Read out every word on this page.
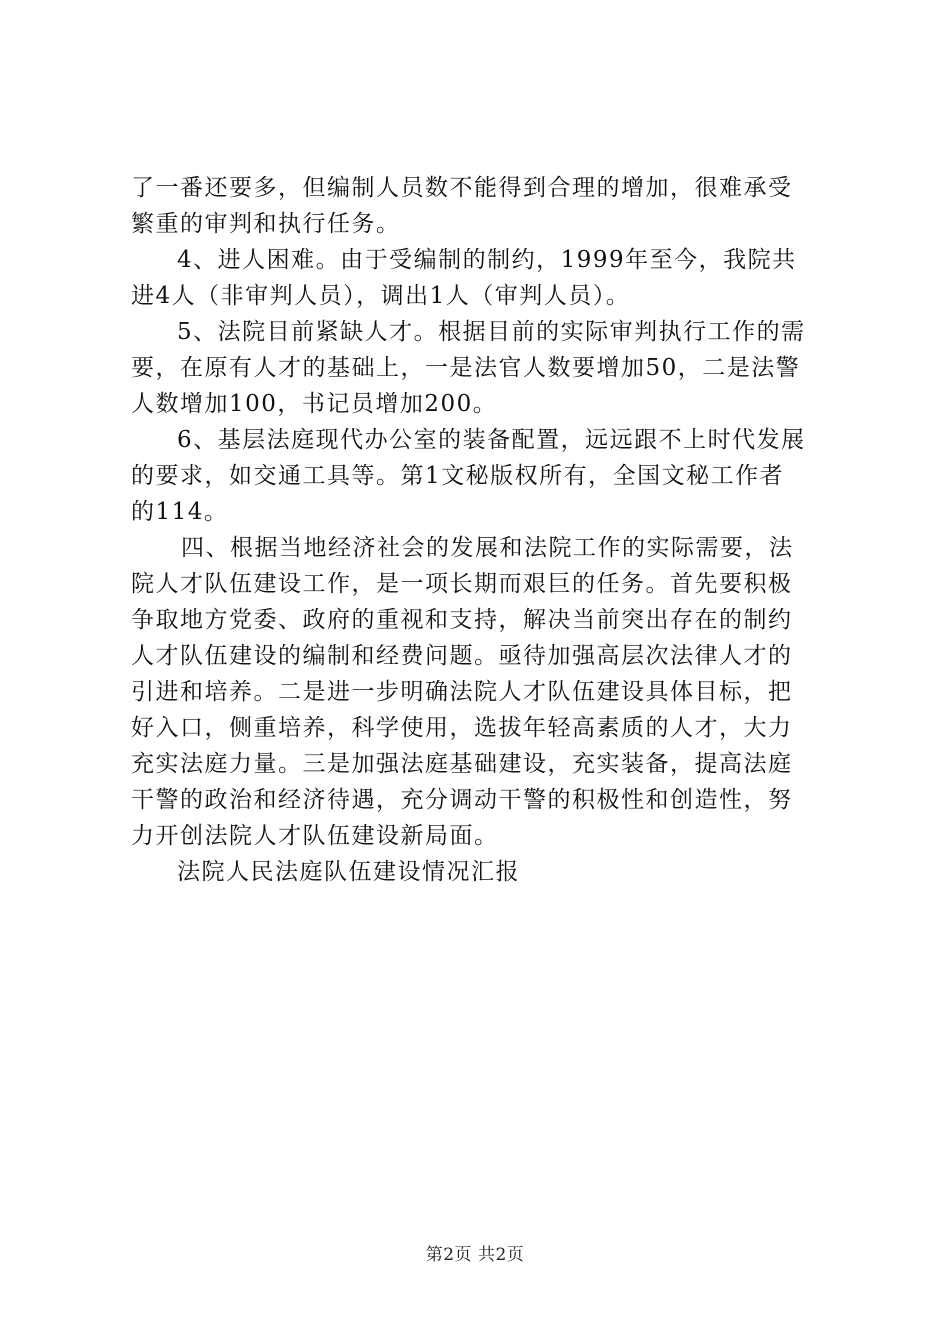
了一番还要多，但编制人员数不能得到合理的增加，很难承受
繁重的审判和执行任务。
4、进人困难。由于受编制的制约，1999年至今，我院共
进4人（非审判人员），调出1人（审判人员）。
5、法院目前紧缺人才。根据目前的实际审判执行工作的需
要，在原有人才的基础上，一是法官人数要增加50，二是法警
人数增加100，书记员增加200。
6、基层法庭现代办公室的装备配置，远远跟不上时代发展
的要求，如交通工具等。第1文秘版权所有，全国文秘工作者
的114。
四、根据当地经济社会的发展和法院工作的实际需要，法
院人才队伍建设工作，是一项长期而艰巨的任务。首先要积极
争取地方党委、政府的重视和支持，解决当前突出存在的制约
人才队伍建设的编制和经费问题。亟待加强高层次法律人才的
引进和培养。二是进一步明确法院人才队伍建设具体目标，把
好入口，侧重培养，科学使用，选拔年轻高素质的人才，大力
充实法庭力量。三是加强法庭基础建设，充实装备，提高法庭
干警的政治和经济待遇，充分调动干警的积极性和创造性，努
力开创法院人才队伍建设新局面。
法院人民法庭队伍建设情况汇报
第2页 共2页
